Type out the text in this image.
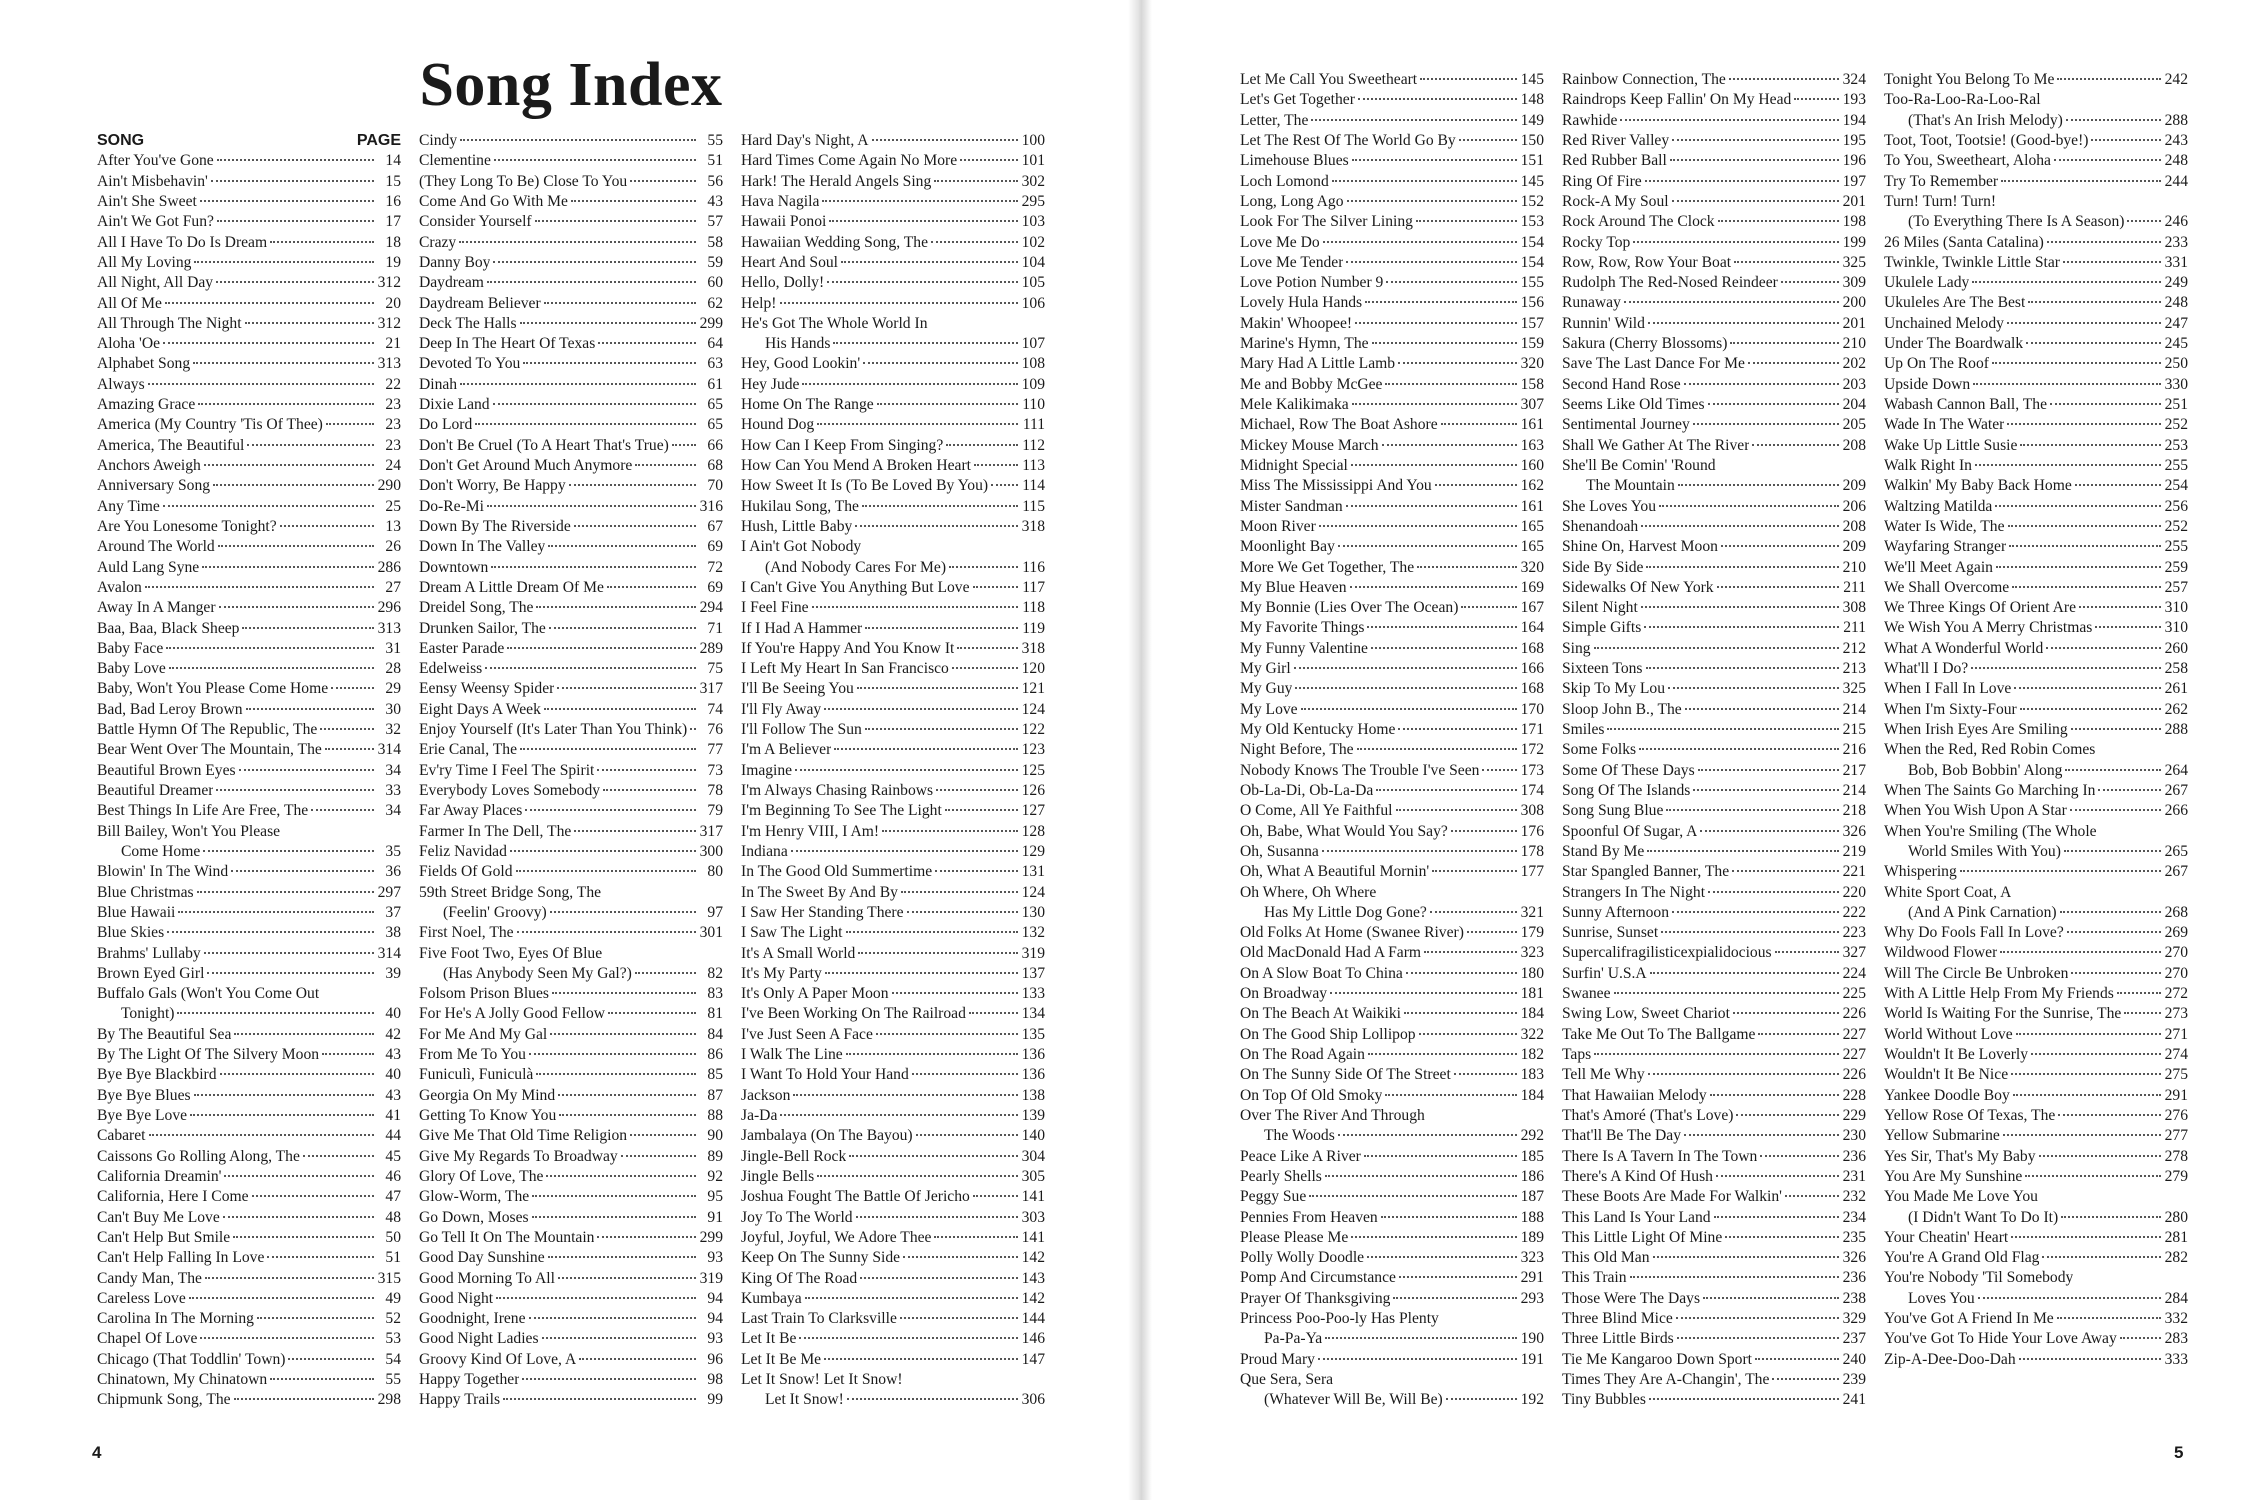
Song Index
SONG	PAGE
After You've Gone	14
Ain't Misbehavin'	15
Ain't She Sweet	16
Ain't We Got Fun?	17
All I Have To Do Is Dream	18
All My Loving	19
All Night, All Day	312
All Of Me	20
All Through The Night	312
Aloha 'Oe	21
Alphabet Song	313
Always	22
Amazing Grace	23
America (My Country 'Tis Of Thee)	23
America, The Beautiful	23
Anchors Aweigh	24
Anniversary Song	290
Any Time	25
Are You Lonesome Tonight?	13
Around The World	26
Auld Lang Syne	286
Avalon	27
Away In A Manger	296
Baa, Baa, Black Sheep	313
Baby Face	31
Baby Love	28
Baby, Won't You Please Come Home	29
Bad, Bad Leroy Brown	30
Battle Hymn Of The Republic, The	32
Bear Went Over The Mountain, The	314
Beautiful Brown Eyes	34
Beautiful Dreamer	33
Best Things In Life Are Free, The	34
Bill Bailey, Won't You Please
Come Home	35
Blowin' In The Wind	36
Blue Christmas	297
Blue Hawaii	37
Blue Skies	38
Brahms' Lullaby	314
Brown Eyed Girl	39
Buffalo Gals (Won't You Come Out
Tonight)	40
By The Beautiful Sea	42
By The Light Of The Silvery Moon	43
Bye Bye Blackbird	40
Bye Bye Blues	43
Bye Bye Love	41
Cabaret	44
Caissons Go Rolling Along, The	45
California Dreamin'	46
California, Here I Come	47
Can't Buy Me Love	48
Can't Help But Smile	50
Can't Help Falling In Love	51
Candy Man, The	315
Careless Love	49
Carolina In The Morning	52
Chapel Of Love	53
Chicago (That Toddlin' Town)	54
Chinatown, My Chinatown	55
Chipmunk Song, The	298
Cindy	55
Clementine	51
(They Long To Be) Close To You	56
Come And Go With Me	43
Consider Yourself	57
Crazy	58
Danny Boy	59
Daydream	60
Daydream Believer	62
Deck The Halls	299
Deep In The Heart Of Texas	64
Devoted To You	63
Dinah	61
Dixie Land	65
Do Lord	65
Don't Be Cruel (To A Heart That's True)	66
Don't Get Around Much Anymore	68
Don't Worry, Be Happy	70
Do-Re-Mi	316
Down By The Riverside	67
Down In The Valley	69
Downtown	72
Dream A Little Dream Of Me	69
Dreidel Song, The	294
Drunken Sailor, The	71
Easter Parade	289
Edelweiss	75
Eensy Weensy Spider	317
Eight Days A Week	74
Enjoy Yourself (It's Later Than You Think)	76
Erie Canal, The	77
Ev'ry Time I Feel The Spirit	73
Everybody Loves Somebody	78
Far Away Places	79
Farmer In The Dell, The	317
Feliz Navidad	300
Fields Of Gold	80
59th Street Bridge Song, The
(Feelin' Groovy)	97
First Noel, The	301
Five Foot Two, Eyes Of Blue
(Has Anybody Seen My Gal?)	82
Folsom Prison Blues	83
For He's A Jolly Good Fellow	81
For Me And My Gal	84
From Me To You	86
Funiculì, Funiculà	85
Georgia On My Mind	87
Getting To Know You	88
Give Me That Old Time Religion	90
Give My Regards To Broadway	89
Glory Of Love, The	92
Glow-Worm, The	95
Go Down, Moses	91
Go Tell It On The Mountain	299
Good Day Sunshine	93
Good Morning To All	319
Good Night	94
Goodnight, Irene	94
Good Night Ladies	93
Groovy Kind Of Love, A	96
Happy Together	98
Happy Trails	99
Hard Day's Night, A	100
Hard Times Come Again No More	101
Hark! The Herald Angels Sing	302
Hava Nagila	295
Hawaii Ponoi	103
Hawaiian Wedding Song, The	102
Heart And Soul	104
Hello, Dolly!	105
Help!	106
He's Got The Whole World In
His Hands	107
Hey, Good Lookin'	108
Hey Jude	109
Home On The Range	110
Hound Dog	111
How Can I Keep From Singing?	112
How Can You Mend A Broken Heart	113
How Sweet It Is (To Be Loved By You) 114
Hukilau Song, The	115
Hush, Little Baby	318
I Ain't Got Nobody
(And Nobody Cares For Me)	116
I Can't Give You Anything But Love	117
I Feel Fine	118
If I Had A Hammer	119
If You're Happy And You Know It	318
I Left My Heart In San Francisco	120
I'll Be Seeing You	121
I'll Fly Away	124
I'll Follow The Sun	122
I'm A Believer	123
Imagine	125
I'm Always Chasing Rainbows	126
I'm Beginning To See The Light	127
I'm Henry VIII, I Am!	128
Indiana	129
In The Good Old Summertime	131
In The Sweet By And By	124
I Saw Her Standing There	130
I Saw The Light	132
It's A Small World	319
It's My Party	137
It's Only A Paper Moon	133
I've Been Working On The Railroad	134
I've Just Seen A Face	135
I Walk The Line	136
I Want To Hold Your Hand	136
Jackson	138
Ja-Da	139
Jambalaya (On The Bayou)	140
Jingle-Bell Rock	304
Jingle Bells	305
Joshua Fought The Battle Of Jericho	141
Joy To The World	303
Joyful, Joyful, We Adore Thee	141
Keep On The Sunny Side	142
King Of The Road	143
Kumbaya	142
Last Train To Clarksville	144
Let It Be	146
Let It Be Me	147
Let It Snow! Let It Snow!
Let It Snow!	306
4
Let Me Call You Sweetheart	145
Let's Get Together	148
Letter, The	149
Let The Rest Of The World Go By	150
Limehouse Blues	151
Loch Lomond	145
Long, Long Ago	152
Look For The Silver Lining	153
Love Me Do	154
Love Me Tender	154
Love Potion Number 9	155
Lovely Hula Hands	156
Makin' Whoopee!	157
Marine's Hymn, The	159
Mary Had A Little Lamb	320
Me and Bobby McGee	158
Mele Kalikimaka	307
Michael, Row The Boat Ashore	161
Mickey Mouse March	163
Midnight Special	160
Miss The Mississippi And You	162
Mister Sandman	161
Moon River	165
Moonlight Bay	165
More We Get Together, The	320
My Blue Heaven	169
My Bonnie (Lies Over The Ocean)	167
My Favorite Things	164
My Funny Valentine	168
My Girl	166
My Guy	168
My Love	170
My Old Kentucky Home	171
Night Before, The	172
Nobody Knows The Trouble I've Seen	173
Ob-La-Di, Ob-La-Da	174
O Come, All Ye Faithful	308
Oh, Babe, What Would You Say?	176
Oh, Susanna	178
Oh, What A Beautiful Mornin'	177
Oh Where, Oh Where
Has My Little Dog Gone?	321
Old Folks At Home (Swanee River)	179
Old MacDonald Had A Farm	323
On A Slow Boat To China	180
On Broadway	181
On The Beach At Waikiki	184
On The Good Ship Lollipop	322
On The Road Again	182
On The Sunny Side Of The Street	183
On Top Of Old Smoky	184
Over The River And Through
The Woods	292
Peace Like A River	185
Pearly Shells	186
Peggy Sue	187
Pennies From Heaven	188
Please Please Me	189
Polly Wolly Doodle	323
Pomp And Circumstance	291
Prayer Of Thanksgiving	293
Princess Poo-Poo-ly Has Plenty
Pa-Pa-Ya	190
Proud Mary	191
Que Sera, Sera
(Whatever Will Be, Will Be)	192
Rainbow Connection, The	324
Raindrops Keep Fallin' On My Head	193
Rawhide	194
Red River Valley	195
Red Rubber Ball	196
Ring Of Fire	197
Rock-A My Soul	201
Rock Around The Clock	198
Rocky Top	199
Row, Row, Row Your Boat	325
Rudolph The Red-Nosed Reindeer	309
Runaway	200
Runnin' Wild	201
Sakura (Cherry Blossoms)	210
Save The Last Dance For Me	202
Second Hand Rose	203
Seems Like Old Times	204
Sentimental Journey	205
Shall We Gather At The River	208
She'll Be Comin' 'Round
The Mountain	209
She Loves You	206
Shenandoah	208
Shine On, Harvest Moon	209
Side By Side	210
Sidewalks Of New York	211
Silent Night	308
Simple Gifts	211
Sing	212
Sixteen Tons	213
Skip To My Lou	325
Sloop John B., The	214
Smiles	215
Some Folks	216
Some Of These Days	217
Song Of The Islands	214
Song Sung Blue	218
Spoonful Of Sugar, A	326
Stand By Me	219
Star Spangled Banner, The	221
Strangers In The Night	220
Sunny Afternoon	222
Sunrise, Sunset	223
Supercalifragilisticexpialidocious	327
Surfin' U.S.A	224
Swanee	225
Swing Low, Sweet Chariot	226
Take Me Out To The Ballgame	227
Taps	227
Tell Me Why	226
That Hawaiian Melody	228
That's Amoré (That's Love)	229
That'll Be The Day	230
There Is A Tavern In The Town	236
There's A Kind Of Hush	231
These Boots Are Made For Walkin'	232
This Land Is Your Land	234
This Little Light Of Mine	235
This Old Man	326
This Train	236
Those Were The Days	238
Three Blind Mice	329
Three Little Birds	237
Tie Me Kangaroo Down Sport	240
Times They Are A-Changin', The	239
Tiny Bubbles	241
Tonight You Belong To Me	242
Too-Ra-Loo-Ra-Loo-Ral
(That's An Irish Melody)	288
Toot, Toot, Tootsie! (Good-bye!)	243
To You, Sweetheart, Aloha	248
Try To Remember	244
Turn! Turn! Turn!
(To Everything There Is A Season)	246
26 Miles (Santa Catalina)	233
Twinkle, Twinkle Little Star	331
Ukulele Lady	249
Ukuleles Are The Best	248
Unchained Melody	247
Under The Boardwalk	245
Up On The Roof	250
Upside Down	330
Wabash Cannon Ball, The	251
Wade In The Water	252
Wake Up Little Susie	253
Walk Right In	255
Walkin' My Baby Back Home	254
Waltzing Matilda	256
Water Is Wide, The	252
Wayfaring Stranger	255
We'll Meet Again	259
We Shall Overcome	257
We Three Kings Of Orient Are	310
We Wish You A Merry Christmas	310
What A Wonderful World	260
What'll I Do?	258
When I Fall In Love	261
When I'm Sixty-Four	262
When Irish Eyes Are Smiling	288
When the Red, Red Robin Comes
Bob, Bob Bobbin' Along	264
When The Saints Go Marching In	267
When You Wish Upon A Star	266
When You're Smiling (The Whole
World Smiles With You)	265
Whispering	267
White Sport Coat, A
(And A Pink Carnation)	268
Why Do Fools Fall In Love?	269
Wildwood Flower	270
Will The Circle Be Unbroken	270
With A Little Help From My Friends	272
World Is Waiting For the Sunrise, The	273
World Without Love	271
Wouldn't It Be Loverly	274
Wouldn't It Be Nice	275
Yankee Doodle Boy	291
Yellow Rose Of Texas, The	276
Yellow Submarine	277
Yes Sir, That's My Baby	278
You Are My Sunshine	279
You Made Me Love You
(I Didn't Want To Do It)	280
Your Cheatin' Heart	281
You're A Grand Old Flag	282
You're Nobody 'Til Somebody
Loves You	284
You've Got A Friend In Me	332
You've Got To Hide Your Love Away	283
Zip-A-Dee-Doo-Dah	333
5
